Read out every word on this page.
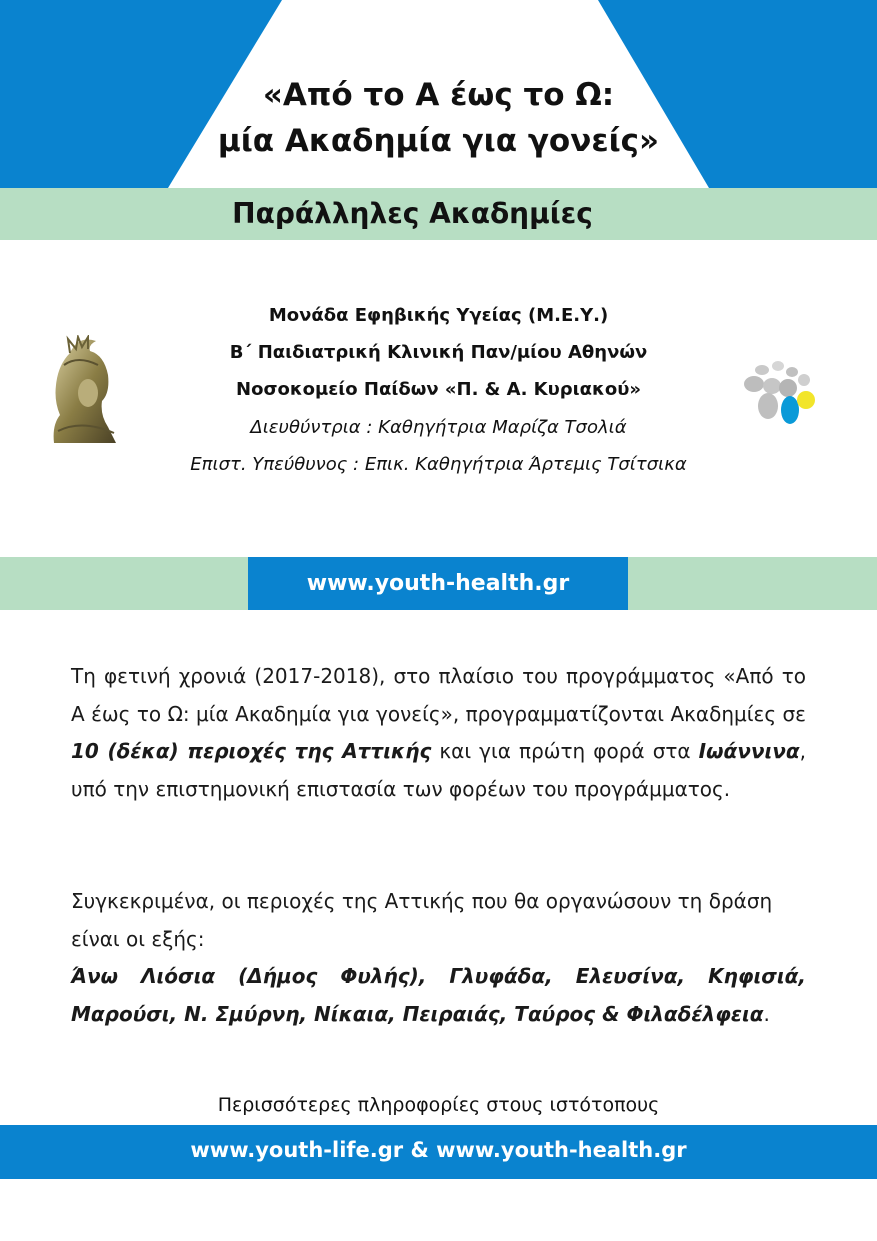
«Από το Α έως το Ω:
μία Ακαδημία για γονείς»
Παράλληλες Ακαδημίες
Μονάδα Εφηβικής Υγείας (Μ.Ε.Υ.)
Β΄ Παιδιατρική Κλινική Παν/μίου Αθηνών
Νοσοκομείο Παίδων «Π. & Α. Κυριακού»
Διευθύντρια : Καθηγήτρια Μαρίζα Τσολιά
Επιστ. Υπεύθυνος : Επικ. Καθηγήτρια Άρτεμις Τσίτσικα
www.youth-health.gr
Τη φετινή χρονιά (2017-2018), στο πλαίσιο του προγράμματος «Από το Α έως το Ω: μία Ακαδημία για γονείς», προγραμματίζονται Ακαδημίες σε 10 (δέκα) περιοχές της Αττικής και για πρώτη φορά στα Ιωάννινα, υπό την επιστημονική επιστασία των φορέων του προγράμματος.
Συγκεκριμένα, οι περιοχές της Αττικής που θα οργανώσουν τη δράση είναι οι εξής:
Άνω Λιόσια (Δήμος Φυλής), Γλυφάδα, Ελευσίνα, Κηφισιά, Μαρούσι, Ν. Σμύρνη, Νίκαια, Πειραιάς, Ταύρος & Φιλαδέλφεια.
Περισσότερες πληροφορίες στους ιστότοπους
www.youth-life.gr & www.youth-health.gr
